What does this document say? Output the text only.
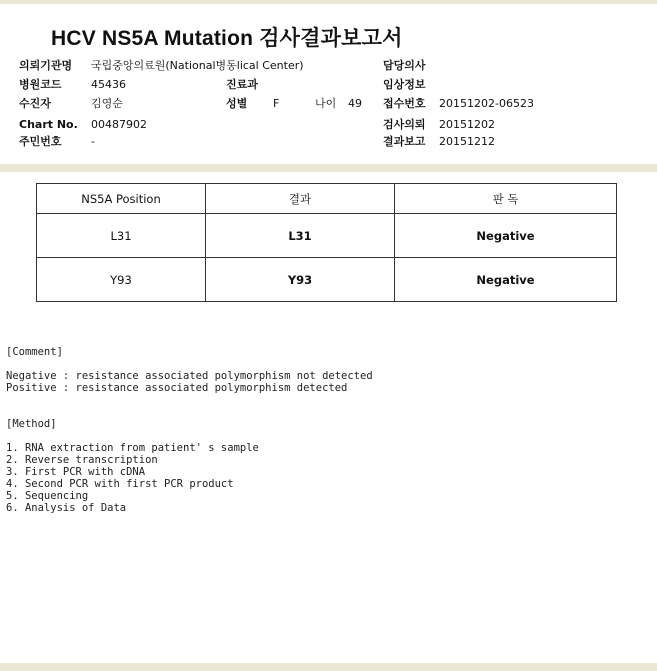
HCV NS5A Mutation 검사결과보고서
의뢰기관명 국립중앙의료원(National병동lical Center)
병원코드	45436
수진자	김영순
Chart No. 00487902
주민번호	-
진료과
성별 F	나이 49
담당의사
임상정보
접수번호 20151202-06523
검사의뢰 20151202
결과보고 20151212
NS5A Position	결과	판 독
L31	L31	Negative
Y93	Y93	Negative
[Comment]
Negative : resistance associated polymorphism not detected
Positive : resistance associated polymorphism detected
[Method]
1. RNA extraction from patient' s sample
2. Reverse transcription
3. First PCR with cDNA
4. Second PCR with first PCR product
5. Sequencing
6. Analysis of Data
